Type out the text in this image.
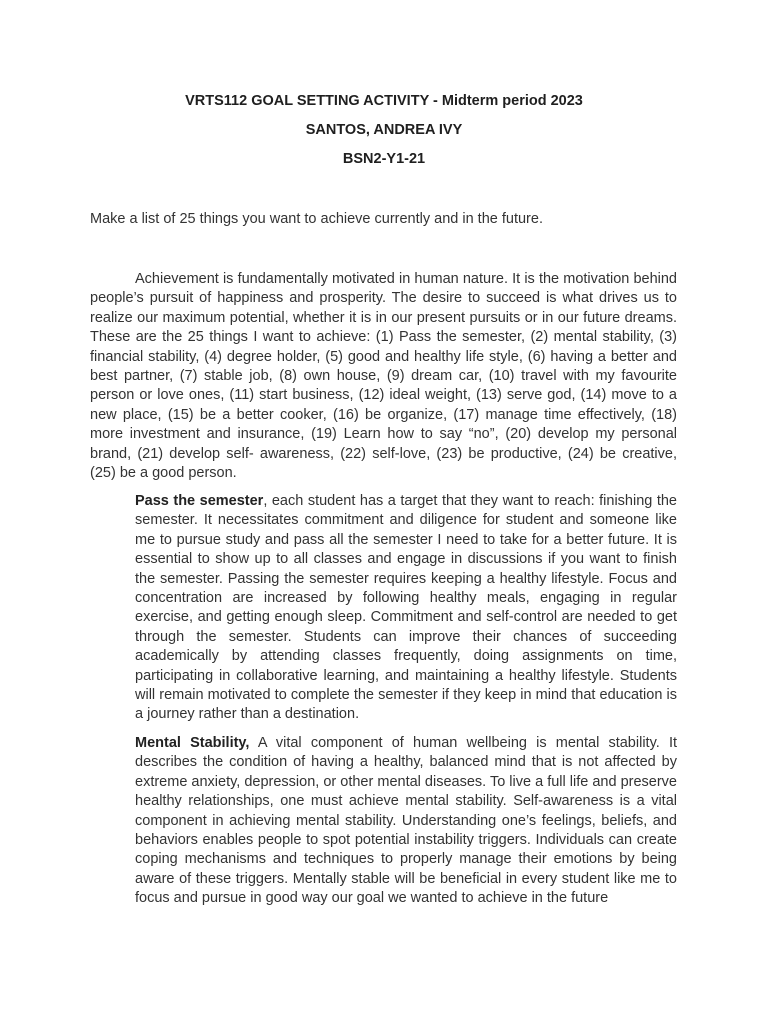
VRTS112 GOAL SETTING ACTIVITY - Midterm period 2023
SANTOS, ANDREA IVY
BSN2-Y1-21
Make a list of 25 things you want to achieve currently and in the future.

Achievement is fundamentally motivated in human nature. It is the motivation behind people’s pursuit of happiness and prosperity. The desire to succeed is what drives us to realize our maximum potential, whether it is in our present pursuits or in our future dreams. These are the 25 things I want to achieve: (1) Pass the semester, (2) mental stability, (3) financial stability, (4) degree holder, (5) good and healthy life style, (6) having a better and best partner, (7) stable job, (8) own house, (9) dream car, (10) travel with my favourite person or love ones, (11) start business, (12) ideal weight, (13) serve god, (14) move to a new place, (15) be a better cooker, (16) be organize, (17) manage time effectively, (18) more investment and insurance, (19) Learn how to say “no”, (20) develop my personal brand, (21) develop self- awareness, (22) self-love, (23) be productive, (24) be creative, (25) be a good person.

Pass the semester, each student has a target that they want to reach: finishing the semester. It necessitates commitment and diligence for student and someone like me to pursue study and pass all the semester I need to take for a better future. It is essential to show up to all classes and engage in discussions if you want to finish the semester. Passing the semester requires keeping a healthy lifestyle. Focus and concentration are increased by following healthy meals, engaging in regular exercise, and getting enough sleep. Commitment and self-control are needed to get through the semester. Students can improve their chances of succeeding academically by attending classes frequently, doing assignments on time, participating in collaborative learning, and maintaining a healthy lifestyle. Students will remain motivated to complete the semester if they keep in mind that education is a journey rather than a destination.

Mental Stability, A vital component of human wellbeing is mental stability. It describes the condition of having a healthy, balanced mind that is not affected by extreme anxiety, depression, or other mental diseases. To live a full life and preserve healthy relationships, one must achieve mental stability. Self-awareness is a vital component in achieving mental stability. Understanding one’s feelings, beliefs, and behaviors enables people to spot potential instability triggers. Individuals can create coping mechanisms and techniques to properly manage their emotions by being aware of these triggers. Mentally stable will be beneficial in every student like me to focus and pursue in good way our goal we wanted to achieve in the future
